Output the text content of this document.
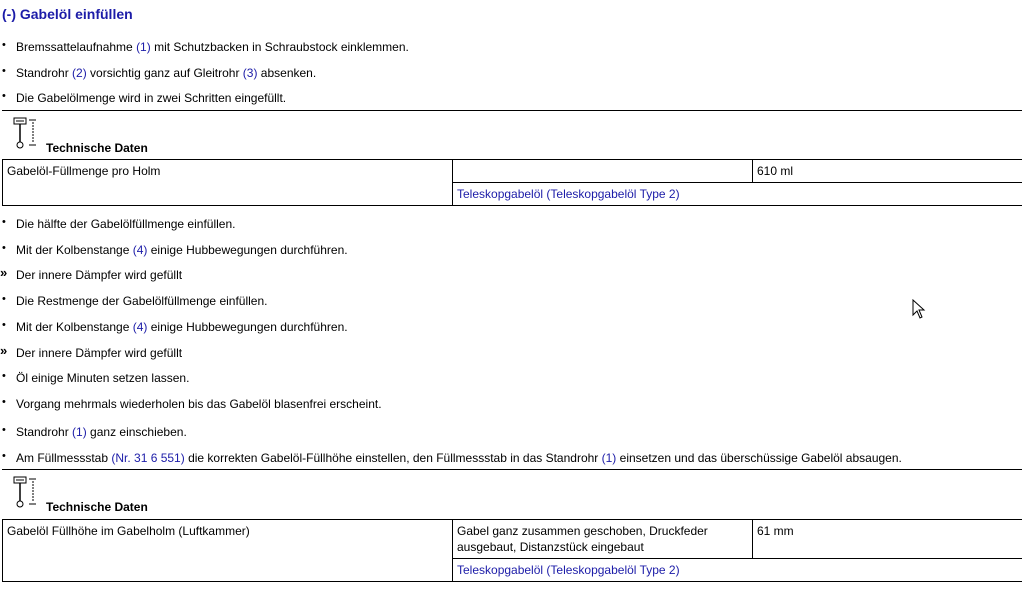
(-) Gabelöl einfüllen
• Bremssattelaufnahme (1) mit Schutzbacken in Schraubstock einklemmen.
• Standrohr (2) vorsichtig ganz auf Gleitrohr (3) absenken.
• Die Gabelölmenge wird in zwei Schritten eingefüllt.
Technische Daten
Gabelöl-Füllmenge pro Holm		610 ml
Teleskopgabelöl (Teleskopgabelöl Type 2)
• Die hälfte der Gabelölfüllmenge einfüllen.
• Mit der Kolbenstange (4) einige Hubbewegungen durchführen.
» Der innere Dämpfer wird gefüllt
• Die Restmenge der Gabelölfüllmenge einfüllen.
• Mit der Kolbenstange (4) einige Hubbewegungen durchführen.
» Der innere Dämpfer wird gefüllt
• Öl einige Minuten setzen lassen.
• Vorgang mehrmals wiederholen bis das Gabelöl blasenfrei erscheint.
• Standrohr (1) ganz einschieben.
• Am Füllmessstab (Nr. 31 6 551) die korrekten Gabelöl-Füllhöhe einstellen, den Füllmessstab in das Standrohr (1) einsetzen und das überschüssige Gabelöl absaugen.
Technische Daten
Gabelöl Füllhöhe im Gabelholm (Luftkammer)	Gabel ganz zusammen geschoben, Druckfeder ausgebaut, Distanzstück eingebaut	61 mm
Teleskopgabelöl (Teleskopgabelöl Type 2)
